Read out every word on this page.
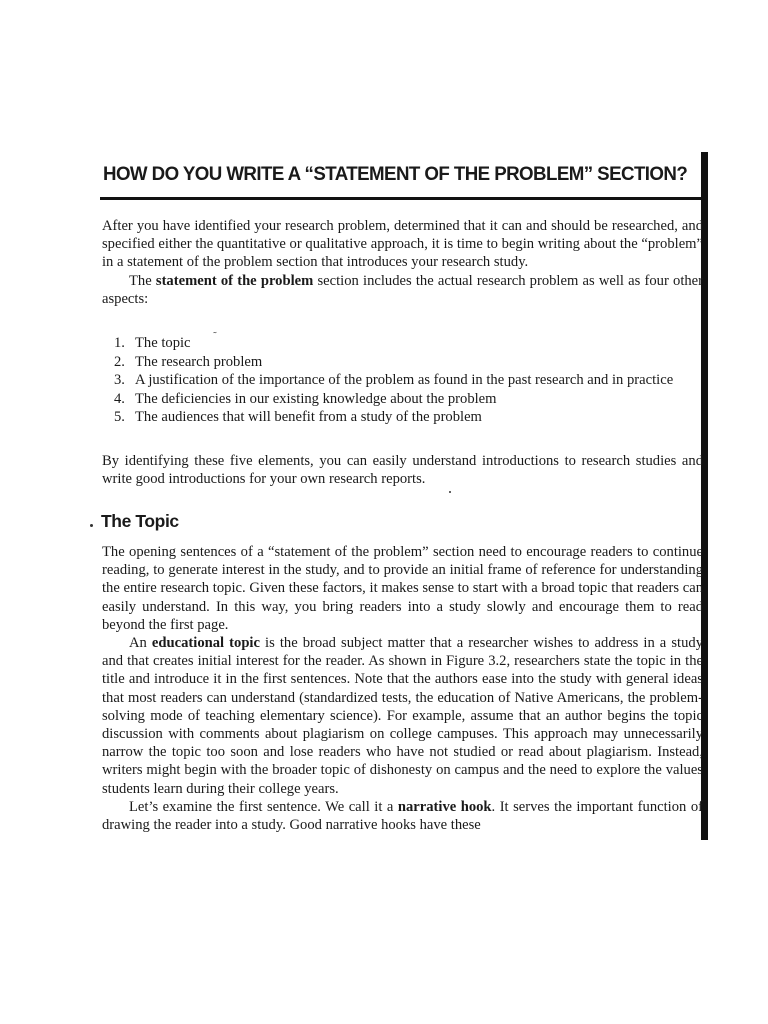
HOW DO YOU WRITE A “STATEMENT OF THE PROBLEM” SECTION?

After you have identified your research problem, determined that it can and should be researched, and specified either the quantitative or qualitative approach, it is time to begin writing about the “problem” in a statement of the problem section that introduces your research study.

The statement of the problem section includes the actual research problem as well as four other aspects:

˜
1. The topic
2. The research problem
3. A justification of the importance of the problem as found in the past research and in practice
4. The deficiencies in our existing knowledge about the problem
5. The audiences that will benefit from a study of the problem

By identifying these five elements, you can easily understand introductions to research studies and write good introductions for your own research reports.

The Topic

The opening sentences of a “statement of the problem” section need to encourage readers to continue reading, to generate interest in the study, and to provide an initial frame of reference for understanding the entire research topic. Given these factors, it makes sense to start with a broad topic that readers can easily understand. In this way, you bring readers into a study slowly and encourage them to read beyond the first page.

An educational topic is the broad subject matter that a researcher wishes to address in a study and that creates initial interest for the reader. As shown in Figure 3.2, researchers state the topic in the title and introduce it in the first sentences. Note that the authors ease into the study with general ideas that most readers can understand (standardized tests, the education of Native Americans, the problem-solving mode of teaching elementary science). For example, assume that an author begins the topic discussion with comments about plagiarism on college campuses. This approach may unnecessarily narrow the topic too soon and lose readers who have not studied or read about plagiarism. Instead, writers might begin with the broader topic of dishonesty on campus and the need to explore the values students learn during their college years.

Let’s examine the first sentence. We call it a narrative hook. It serves the important function of drawing the reader into a study. Good narrative hooks have these
